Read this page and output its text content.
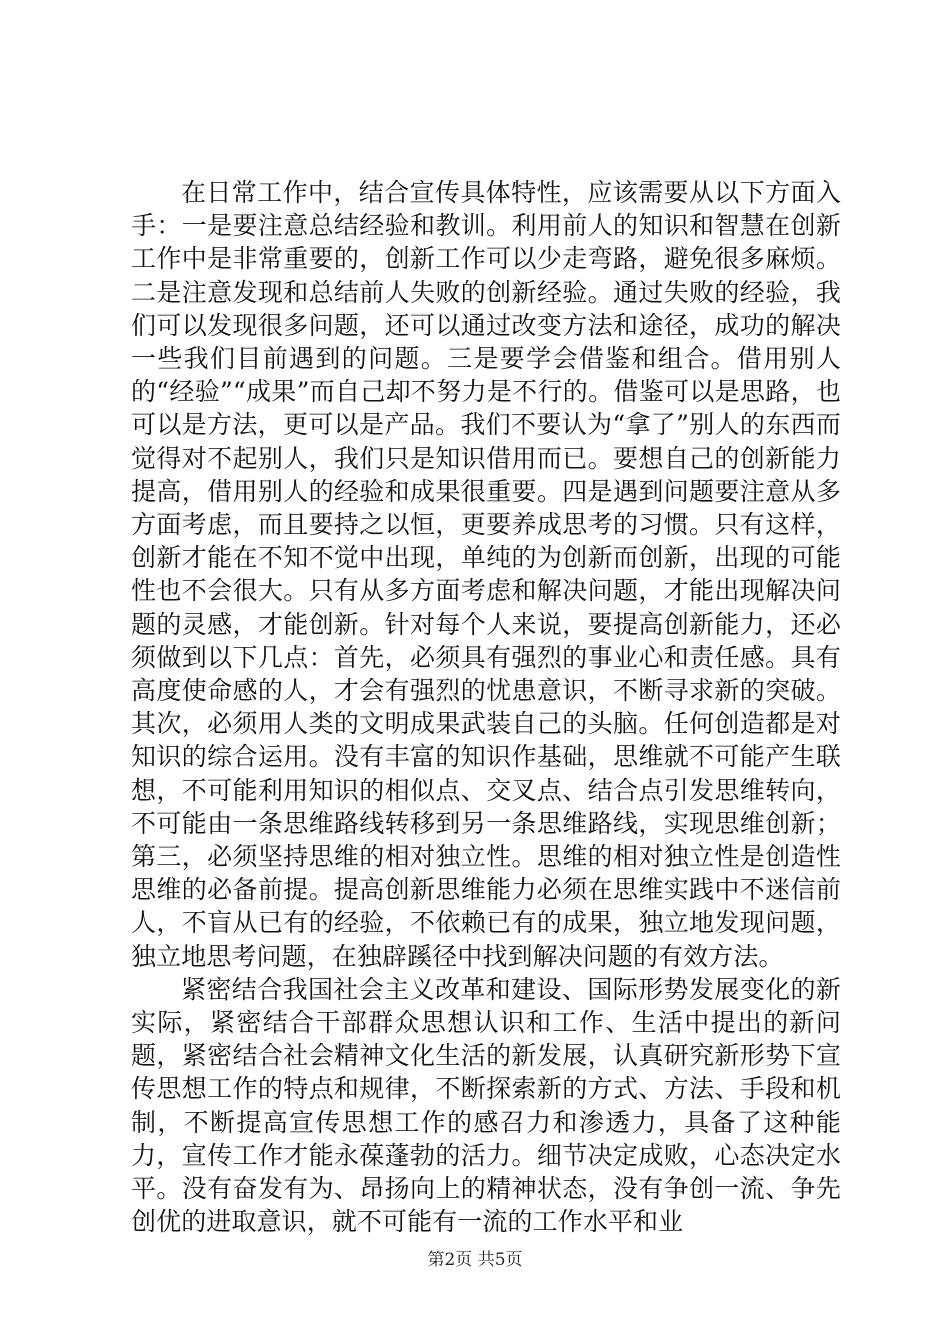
在日常工作中，结合宣传具体特性，应该需要从以下方面入手：一是要注意总结经验和教训。利用前人的知识和智慧在创新工作中是非常重要的，创新工作可以少走弯路，避免很多麻烦。二是注意发现和总结前人失败的创新经验。通过失败的经验，我们可以发现很多问题，还可以通过改变方法和途径，成功的解决一些我们目前遇到的问题。三是要学会借鉴和组合。借用别人的“经验”“成果”而自己却不努力是不行的。借鉴可以是思路，也可以是方法，更可以是产品。我们不要认为“拿了”别人的东西而觉得对不起别人，我们只是知识借用而已。要想自己的创新能力提高，借用别人的经验和成果很重要。四是遇到问题要注意从多方面考虑，而且要持之以恒，更要养成思考的习惯。只有这样，创新才能在不知不觉中出现，单纯的为创新而创新，出现的可能性也不会很大。只有从多方面考虑和解决问题，才能出现解决问题的灵感，才能创新。针对每个人来说，要提高创新能力，还必须做到以下几点：首先，必须具有强烈的事业心和责任感。具有高度使命感的人，才会有强烈的忧患意识，不断寻求新的突破。其次，必须用人类的文明成果武装自己的头脑。任何创造都是对知识的综合运用。没有丰富的知识作基础，思维就不可能产生联想，不可能利用知识的相似点、交叉点、结合点引发思维转向，不可能由一条思维路线转移到另一条思维路线，实现思维创新；第三，必须坚持思维的相对独立性。思维的相对独立性是创造性思维的必备前提。提高创新思维能力必须在思维实践中不迷信前人，不盲从已有的经验，不依赖已有的成果，独立地发现问题，独立地思考问题，在独辟蹊径中找到解决问题的有效方法。

紧密结合我国社会主义改革和建设、国际形势发展变化的新实际，紧密结合干部群众思想认识和工作、生活中提出的新问题，紧密结合社会精神文化生活的新发展，认真研究新形势下宣传思想工作的特点和规律，不断探索新的方式、方法、手段和机制，不断提高宣传思想工作的感召力和渗透力，具备了这种能力，宣传工作才能永葆蓬勃的活力。细节决定成败，心态决定水平。没有奋发有为、昂扬向上的精神状态，没有争创一流、争先创优的进取意识，就不可能有一流的工作水平和业

第2页 共5页
